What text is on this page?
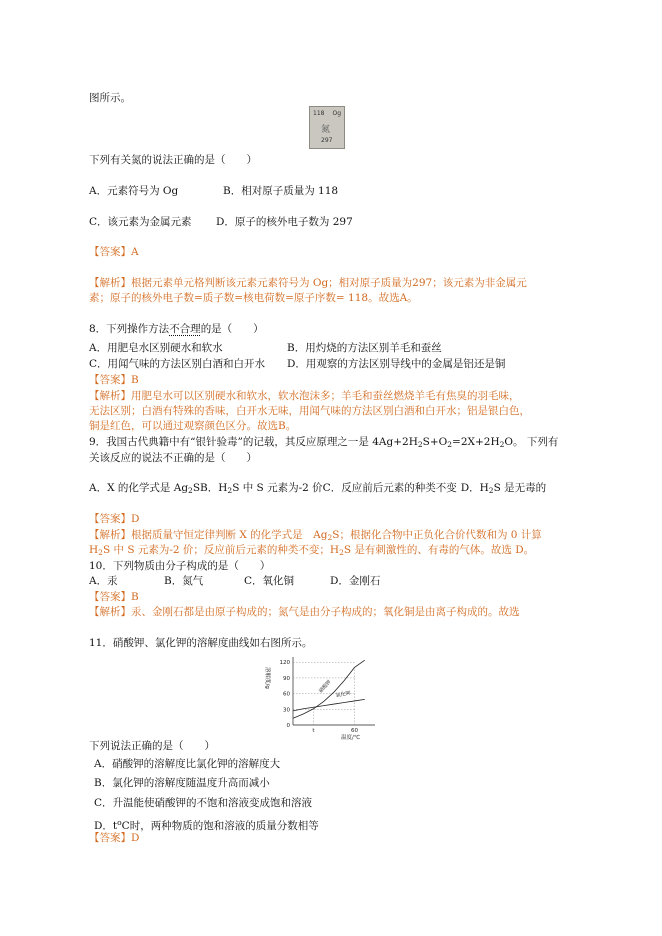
图所示。
118 Og
氮
297
下列有关氮的说法正确的是（　　）
A．元素符号为 Og	B．相对原子质量为 118
C．该元素为金属元素 D．原子的核外电子数为 297
【答案】A
【解析】根据元素单元格判断该元素元素符号为 Og；相对原子质量为297；该元素为非金属元
素；原子的核外电子数=质子数=核电荷数=原子序数= 118。故选A。
8．下列操作方法不合理的是（　　）
A．用肥皂水区别硬水和软水	B．用灼烧的方法区别羊毛和蚕丝
C．用闻气味的方法区别白酒和白开水 D．用观察的方法区别导线中的金属是铝还是铜
【答案】B
【解析】用肥皂水可以区别硬水和软水，软水泡沫多；羊毛和蚕丝燃烧羊毛有焦臭的羽毛味，
无法区别；白酒有特殊的香味，白开水无味，用闻气味的方法区别白酒和白开水；铝是银白色，
铜是红色，可以通过观察颜色区分。故选B。
9．我国古代典籍中有“银针验毒”的记载，其反应原理之一是 $4Ag+2H_2S+O_2=2X+2H_2O$。 下列有
关该反应的说法不正确的是（　　）
A．X 的化学式是 $Ag_2SB$．$H_2S$ 中 S 元素为-2 价C．反应前后元素的种类不变 D．$H_2S$ 是无毒的
【答案】D
【解析】根据质量守恒定律判断 X 的化学式是　$Ag_2S$；根据化合物中正负化合价代数和为 0 计算
$H_2S$ 中 S 元素为-2 价；反应前后元素的种类不变；$H_2S$ 是有刺激性的、有毒的气体。故选 D。
10．下列物质由分子构成的是（　　）
A．汞	B．氮气	C．氧化铜	D．金刚石
【答案】B
【解析】汞、金刚石都是由原子构成的；氮气是由分子构成的；氧化铜是由离子构成的。故选
11．硝酸钾、氯化钾的溶解度曲线如右图所示。
溶解度/g
120
90
60
30
0
t	60
温度/℃
硝酸钾
氯化钾
下列说法正确的是（　　）
A．硝酸钾的溶解度比氯化钾的溶解度大
B．氯化钾的溶解度随温度升高而减小
C．升温能使硝酸钾的不饱和溶液变成饱和溶液
D．$t^oC$时，两种物质的饱和溶液的质量分数相等
【答案】D
